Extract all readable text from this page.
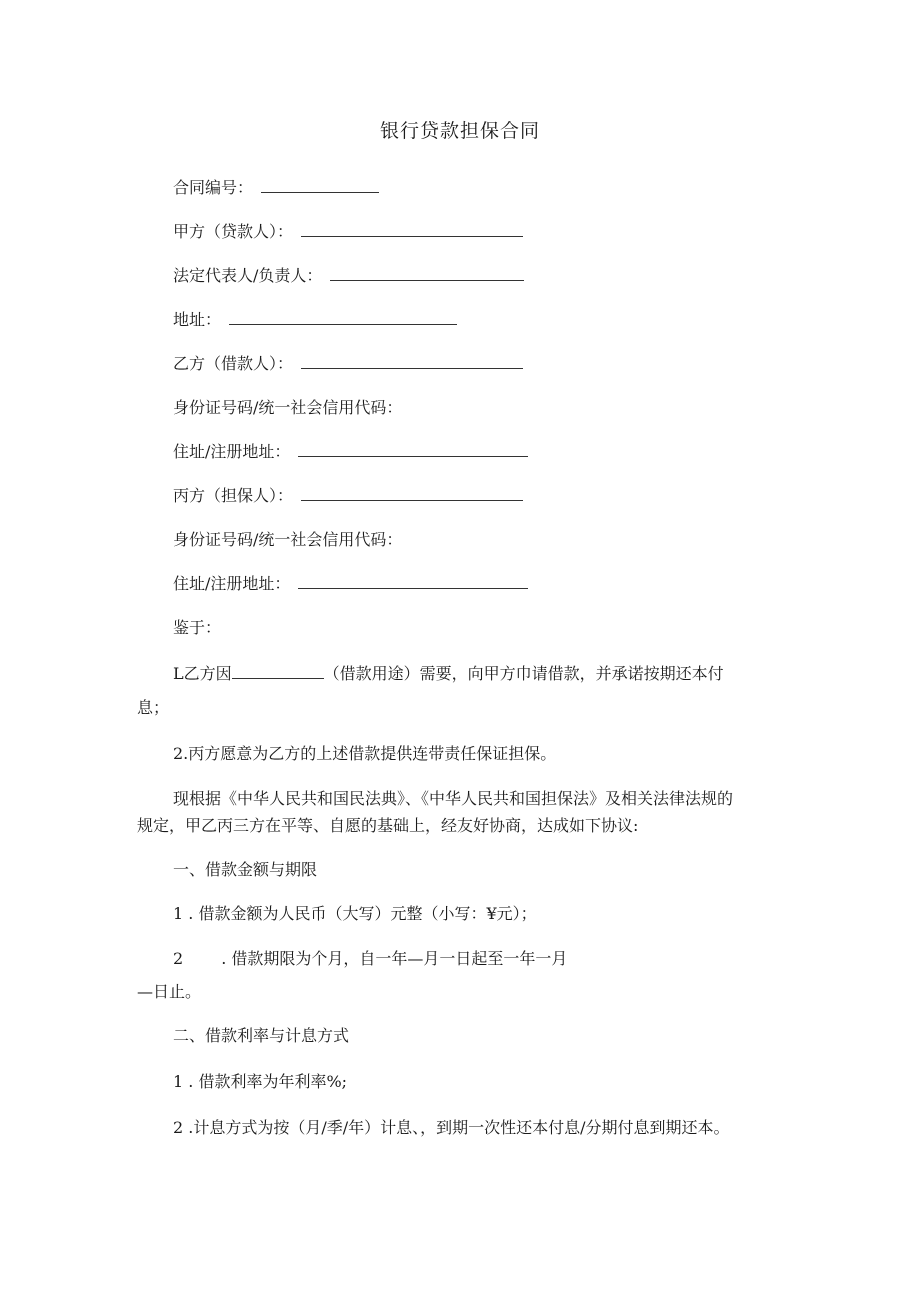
银行贷款担保合同
合同编号：
甲方（贷款人）：
法定代表人/负责人：
地址：
乙方（借款人）：
身份证号码/统一社会信用代码：
住址/注册地址：
丙方（担保人）：
身份证号码/统一社会信用代码：
住址/注册地址：
鉴于：
L乙方因	（借款用途）需要，向甲方巾请借款，并承诺按期还本付
息；
2.丙方愿意为乙方的上述借款提供连带责任保证担保。
现根据《中华人民共和国民法典》、《中华人民共和国担保法》及相关法律法规的
规定，甲乙丙三方在平等、自愿的基础上，经友好协商，达成如下协议:
一、借款金额与期限
1 . 借款金额为人民币（大写）元整（小写：¥元）；
2 . 借款期限为个月，自一年—月一日起至一年一月
—日止。
二、借款利率与计息方式
1 . 借款利率为年利率%;
2 .计息方式为按（月/季/年）计息、，到期一次性还本付息/分期付息到期还本。
